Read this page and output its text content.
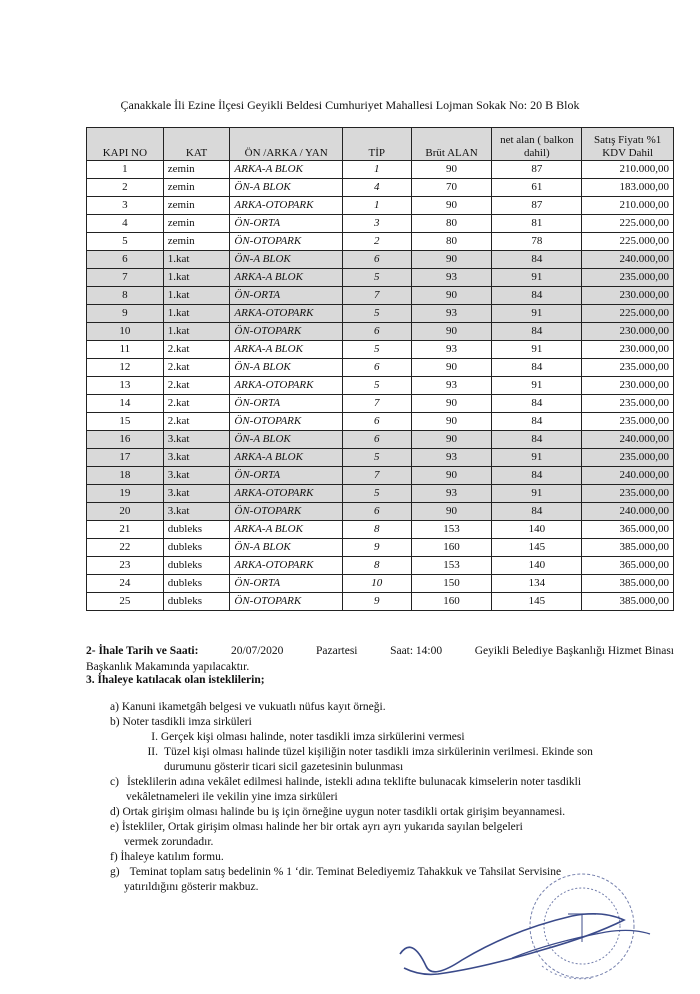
Çanakkale İli Ezine İlçesi Geyikli Beldesi Cumhuriyet Mahallesi Lojman Sokak No: 20 B Blok
KAPI NO	KAT	ÖN /ARKA / YAN	TİP	Brüt ALAN	net alan ( balkon dahil)	Satış Fiyatı %1 KDV Dahil
1	zemin	ARKA-A BLOK	1	90	87	210.000,00
2	zemin	ÖN-A BLOK	4	70	61	183.000,00
3	zemin	ARKA-OTOPARK	1	90	87	210.000,00
4	zemin	ÖN-ORTA	3	80	81	225.000,00
5	zemin	ÖN-OTOPARK	2	80	78	225.000,00
6	1.kat	ÖN-A BLOK	6	90	84	240.000,00
7	1.kat	ARKA-A BLOK	5	93	91	235.000,00
8	1.kat	ÖN-ORTA	7	90	84	230.000,00
9	1.kat	ARKA-OTOPARK	5	93	91	225.000,00
10	1.kat	ÖN-OTOPARK	6	90	84	230.000,00
11	2.kat	ARKA-A BLOK	5	93	91	230.000,00
12	2.kat	ÖN-A BLOK	6	90	84	235.000,00
13	2.kat	ARKA-OTOPARK	5	93	91	230.000,00
14	2.kat	ÖN-ORTA	7	90	84	235.000,00
15	2.kat	ÖN-OTOPARK	6	90	84	235.000,00
16	3.kat	ÖN-A BLOK	6	90	84	240.000,00
17	3.kat	ARKA-A BLOK	5	93	91	235.000,00
18	3.kat	ÖN-ORTA	7	90	84	240.000,00
19	3.kat	ARKA-OTOPARK	5	93	91	235.000,00
20	3.kat	ÖN-OTOPARK	6	90	84	240.000,00
21	dubleks	ARKA-A BLOK	8	153	140	365.000,00
22	dubleks	ÖN-A BLOK	9	160	145	385.000,00
23	dubleks	ARKA-OTOPARK	8	153	140	365.000,00
24	dubleks	ÖN-ORTA	10	150	134	385.000,00
25	dubleks	ÖN-OTOPARK	9	160	145	385.000,00
2- İhale Tarih ve Saati:	20/07/2020	Pazartesi	Saat: 14:00	Geyikli Belediye Başkanlığı Hizmet Binası
Başkanlık Makamında yapılacaktır.
3. İhaleye katılacak olan isteklilerin;
a) Kanuni ikametgâh belgesi ve vukuatlı nüfus kayıt örneği.
b) Noter tasdikli imza sirküleri
I. Gerçek kişi olması halinde, noter tasdikli imza sirkülerini vermesi
II. Tüzel kişi olması halinde tüzel kişiliğin noter tasdikli imza sirkülerinin verilmesi. Ekinde son
durumunu gösterir ticari sicil gazetesinin bulunması
c) İsteklilerin adına vekâlet edilmesi halinde, istekli adına teklifte bulunacak kimselerin noter tasdikli
vekâletnameleri ile vekilin yine imza sirküleri
d) Ortak girişim olması halinde bu iş için örneğine uygun noter tasdikli ortak girişim beyannamesi.
e) İstekliler, Ortak girişim olması halinde her bir ortak ayrı ayrı yukarıda sayılan belgeleri
vermek zorundadır.
f) İhaleye katılım formu.
g) Teminat toplam satış bedelinin % 1 ‘dir. Teminat Belediyemiz Tahakkuk ve Tahsilat Servisine
yatırıldığını gösterir makbuz.
